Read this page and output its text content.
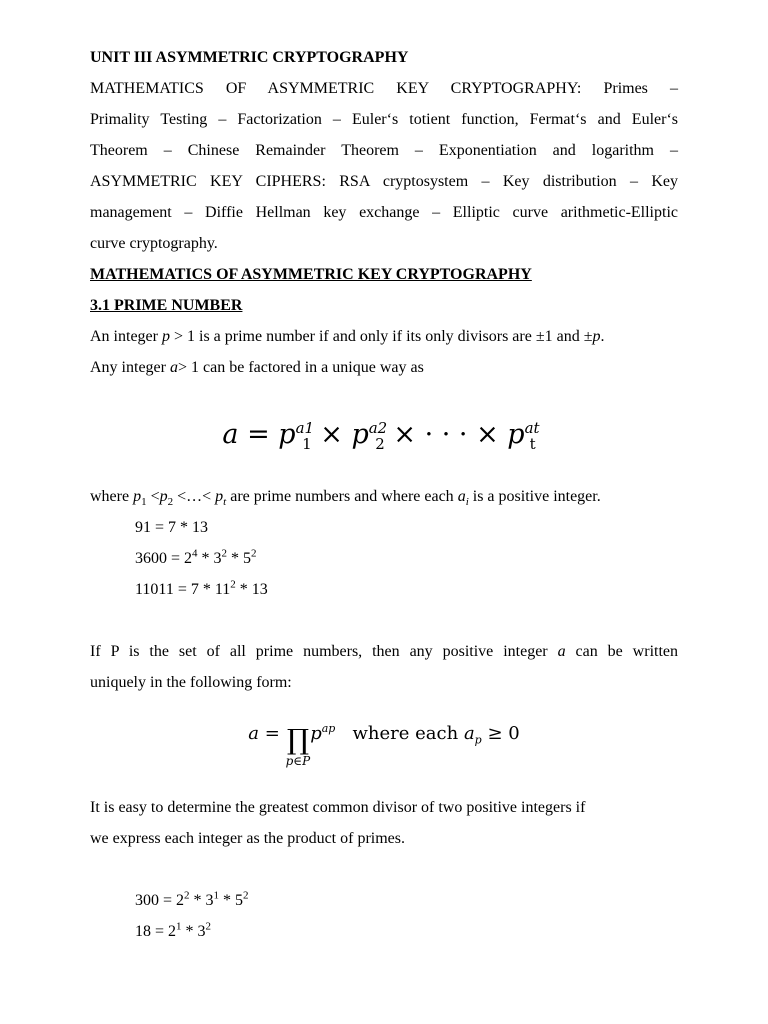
UNIT III ASYMMETRIC CRYPTOGRAPHY

MATHEMATICS OF ASYMMETRIC KEY CRYPTOGRAPHY: Primes –

Primality Testing – Factorization – Euler‘s totient function, Fermat‘s and Euler‘s

Theorem – Chinese Remainder Theorem – Exponentiation and logarithm –

ASYMMETRIC KEY CIPHERS: RSA cryptosystem – Key distribution – Key

management – Diffie Hellman key exchange – Elliptic curve arithmetic-Elliptic

curve cryptography.

MATHEMATICS OF ASYMMETRIC KEY CRYPTOGRAPHY

3.1 PRIME NUMBER

An integer p > 1 is a prime number if and only if its only divisors are ±1 and ±p.

Any integer a> 1 can be factored in a unique way as

$a = p^{a1}_1 \times p^{a2}_2$ × · · · × $p^{at}_t$

where $p_1 <p_2$ <…< $p_t$ are prime numbers and where each $a_i$ is a positive integer.

91 = 7 * 13

$3600 = 2^4 * 3^2 * 5^2$

$11011 = 7 * 11^2 * 13$

If P is the set of all prime numbers, then any positive integer a can be written

uniquely in the following form:

a = ∏
p∈P
$p^{ap}$ where each $a_p \ge 0$

It is easy to determine the greatest common divisor of two positive integers if

we express each integer as the product of primes.

$300 = 2^2 * 3^1 * 5^2$

$18 = 2^1 * 3^2$
